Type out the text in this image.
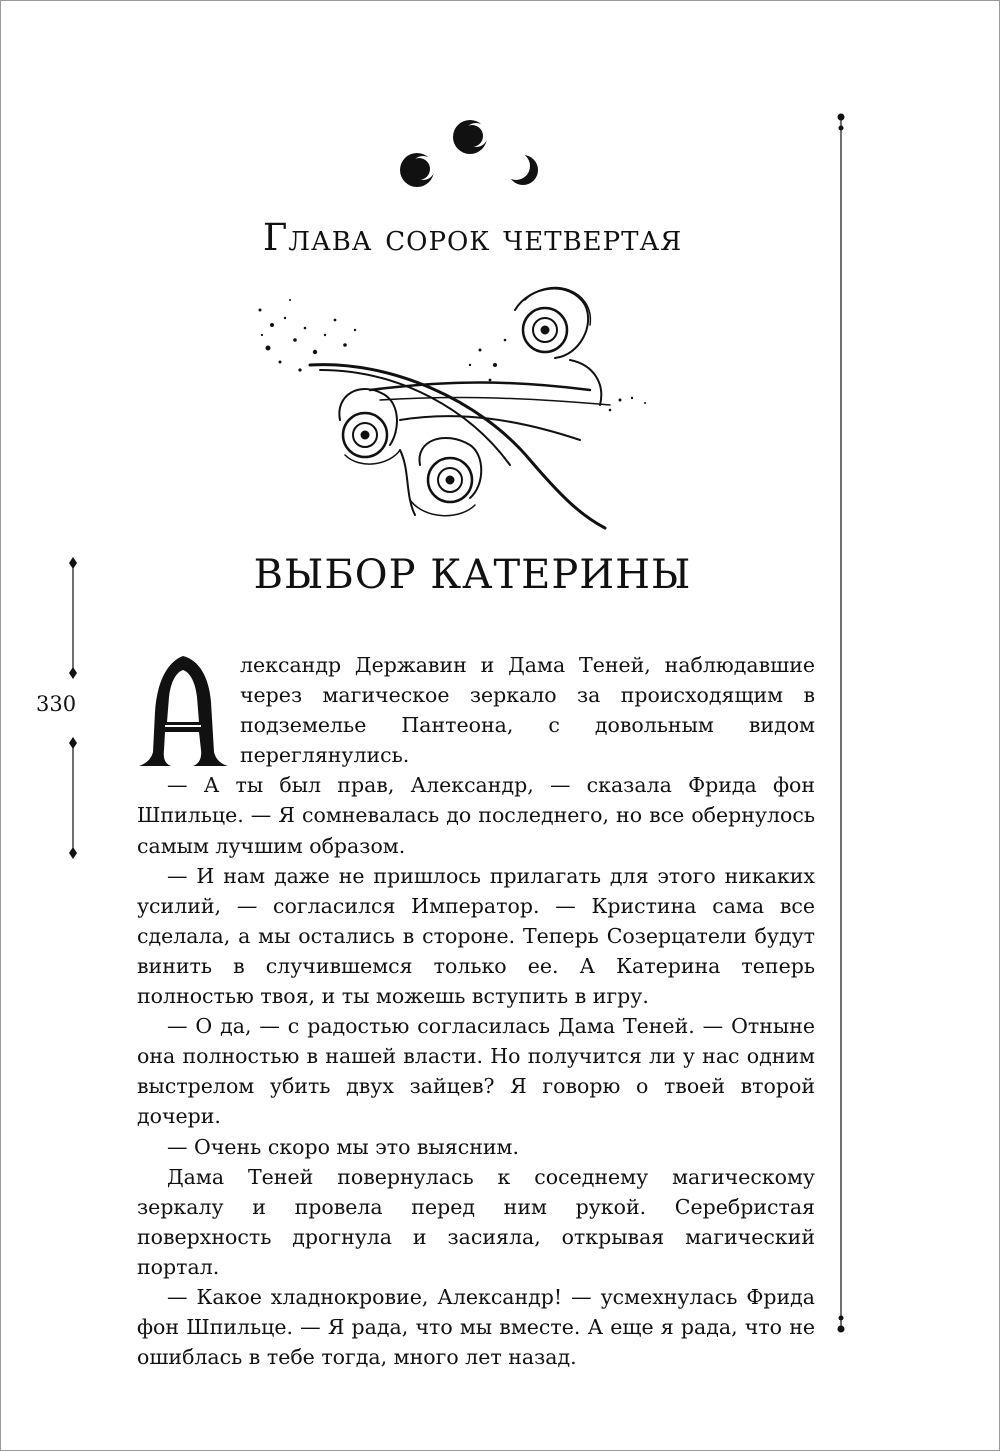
330
Глава сорок четвертая
ВЫБОР КАТЕРИНЫ

лександр Державин и Дама Теней, наблюдавшие через магическое зеркало за происходящим в подземелье Пантеона, с довольным видом переглянулись.

— А ты был прав, Александр, — сказала Фрида фон Шпильце. — Я сомневалась до последнего, но все обернулось самым лучшим образом.

— И нам даже не пришлось прилагать для этого никаких усилий, — согласился Император. — Кристина сама все сделала, а мы остались в стороне. Теперь Созерцатели будут винить в случившемся только ее. А Катерина теперь полностью твоя, и ты можешь вступить в игру.

— О да, — с радостью согласилась Дама Теней. — Отныне она полностью в нашей власти. Но получится ли у нас одним выстрелом убить двух зайцев? Я говорю о твоей второй дочери.

— Очень скоро мы это выясним.

Дама Теней повернулась к соседнему магическому зеркалу и провела перед ним рукой. Серебристая поверхность дрогнула и засияла, открывая магический портал.

— Какое хладнокровие, Александр! — усмехнулась Фрида фон Шпильце. — Я рада, что мы вместе. А еще я рада, что не ошиблась в тебе тогда, много лет назад.
